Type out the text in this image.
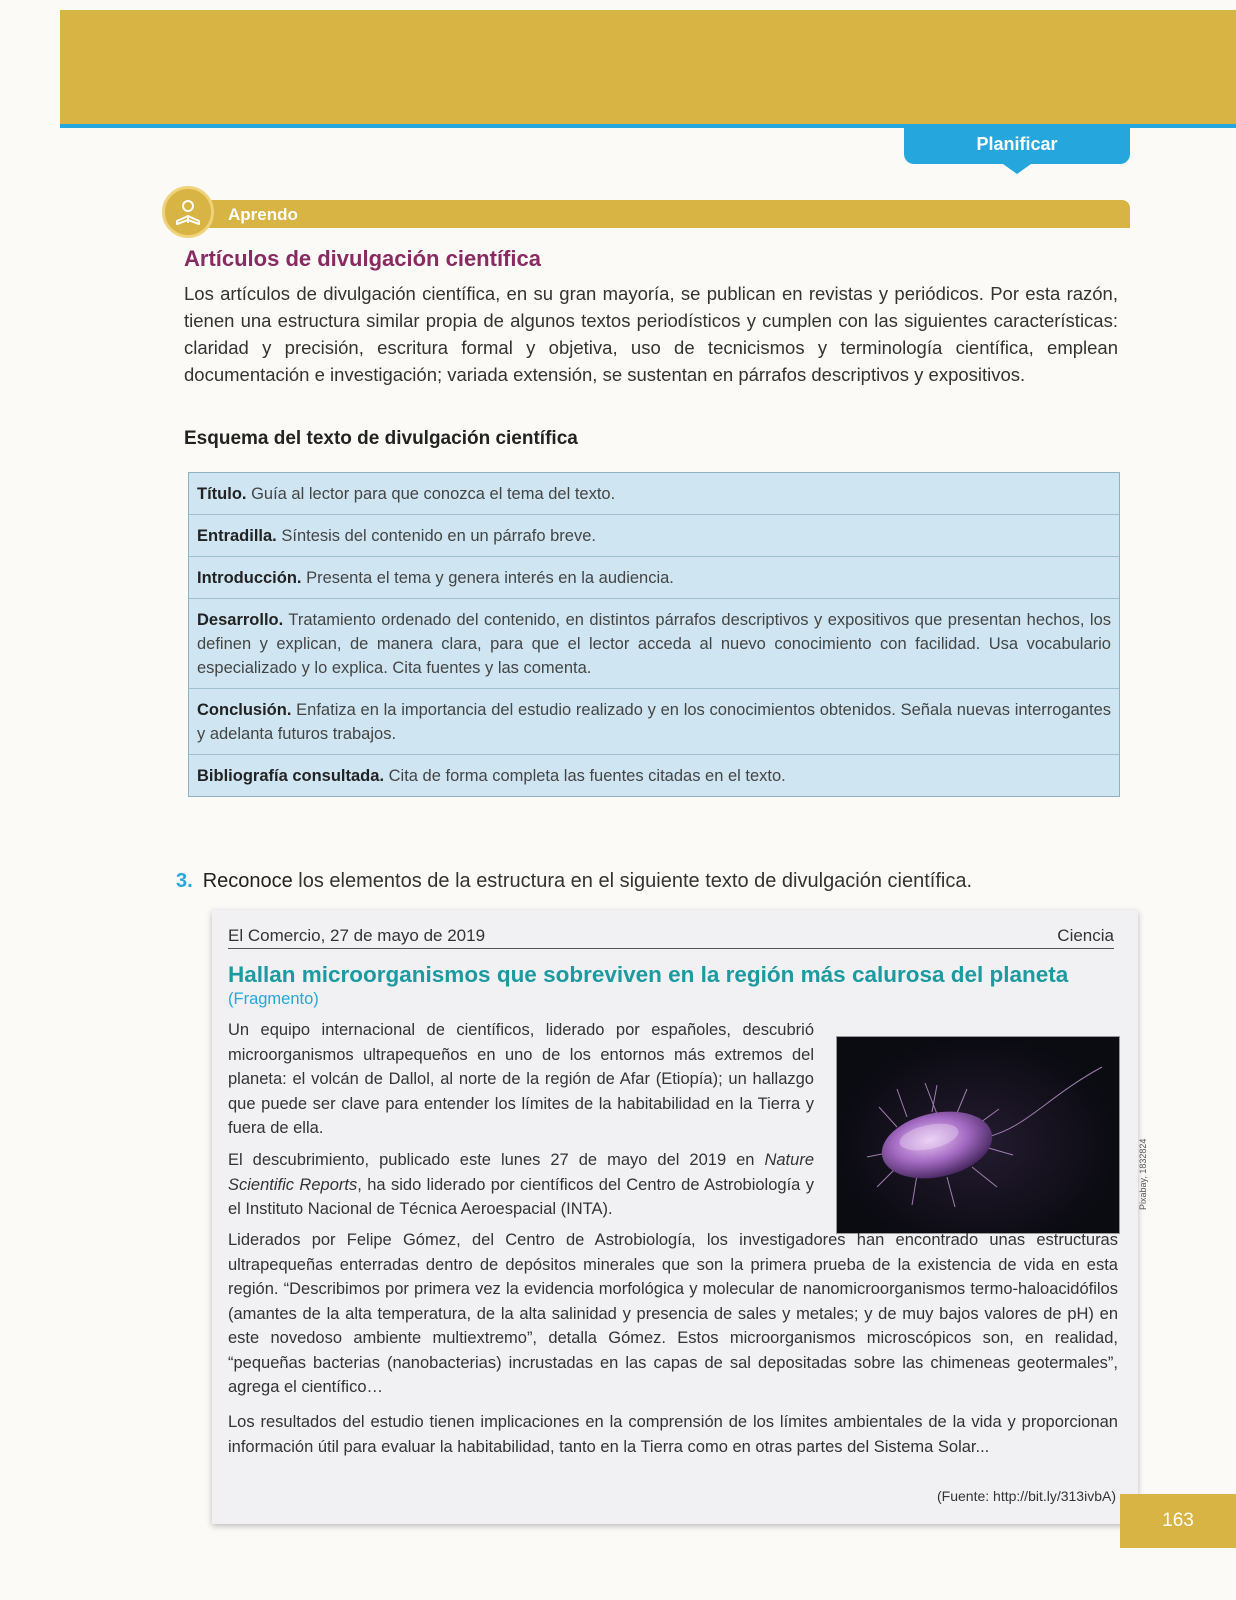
Planificar
Aprendo
Artículos de divulgación científica

Los artículos de divulgación científica, en su gran mayoría, se publican en revistas y periódicos. Por esta razón, tienen una estructura similar propia de algunos textos periodísticos y cumplen con las siguientes características: claridad y precisión, escritura formal y objetiva, uso de tecnicismos y terminología científica, emplean documentación e investigación; variada extensión, se sustentan en párrafos descriptivos y expositivos.

Esquema del texto de divulgación científica
Título. Guía al lector para que conozca el tema del texto.
Entradilla. Síntesis del contenido en un párrafo breve.
Introducción. Presenta el tema y genera interés en la audiencia.
Desarrollo. Tratamiento ordenado del contenido, en distintos párrafos descriptivos y expositivos que presentan hechos, los definen y explican, de manera clara, para que el lector acceda al nuevo conocimiento con facilidad. Usa vocabulario especializado y lo explica. Cita fuentes y las comenta.
Conclusión. Enfatiza en la importancia del estudio realizado y en los conocimientos obtenidos. Señala nuevas interrogantes y adelanta futuros trabajos.
Bibliografía consultada. Cita de forma completa las fuentes citadas en el texto.
3. Reconoce los elementos de la estructura en el siguiente texto de divulgación científica.
El Comercio, 27 de mayo de 2019	Ciencia
Hallan microorganismos que sobreviven en la región más calurosa del planeta
(Fragmento)

Un equipo internacional de científicos, liderado por españoles, descubrió microorganismos ultrapequeños en uno de los entornos más extremos del planeta: el volcán de Dallol, al norte de la región de Afar (Etiopía); un hallazgo que puede ser clave para entender los límites de la habitabilidad en la Tierra y fuera de ella.

El descubrimiento, publicado este lunes 27 de mayo del 2019 en Nature Scientific Reports, ha sido liderado por científicos del Centro de Astrobiología y el Instituto Nacional de Técnica Aeroespacial (INTA).

Liderados por Felipe Gómez, del Centro de Astrobiología, los investigadores han encontrado unas estructuras ultrapequeñas enterradas dentro de depósitos minerales que son la primera prueba de la existencia de vida en esta región. “Describimos por primera vez la evidencia morfológica y molecular de nanomicroorganismos termo-haloacidófilos (amantes de la alta temperatura, de la alta salinidad y presencia de sales y metales; y de muy bajos valores de pH) en este novedoso ambiente multiextremo”, detalla Gómez. Estos microorganismos microscópicos son, en realidad, “pequeñas bacterias (nanobacterias) incrustadas en las capas de sal depositadas sobre las chimeneas geotermales”, agrega el científico…

Los resultados del estudio tienen implicaciones en la comprensión de los límites ambientales de la vida y proporcionan información útil para evaluar la habitabilidad, tanto en la Tierra como en otras partes del Sistema Solar...

(Fuente: http://bit.ly/313ivbA)
Pixabay, 1832824
163
